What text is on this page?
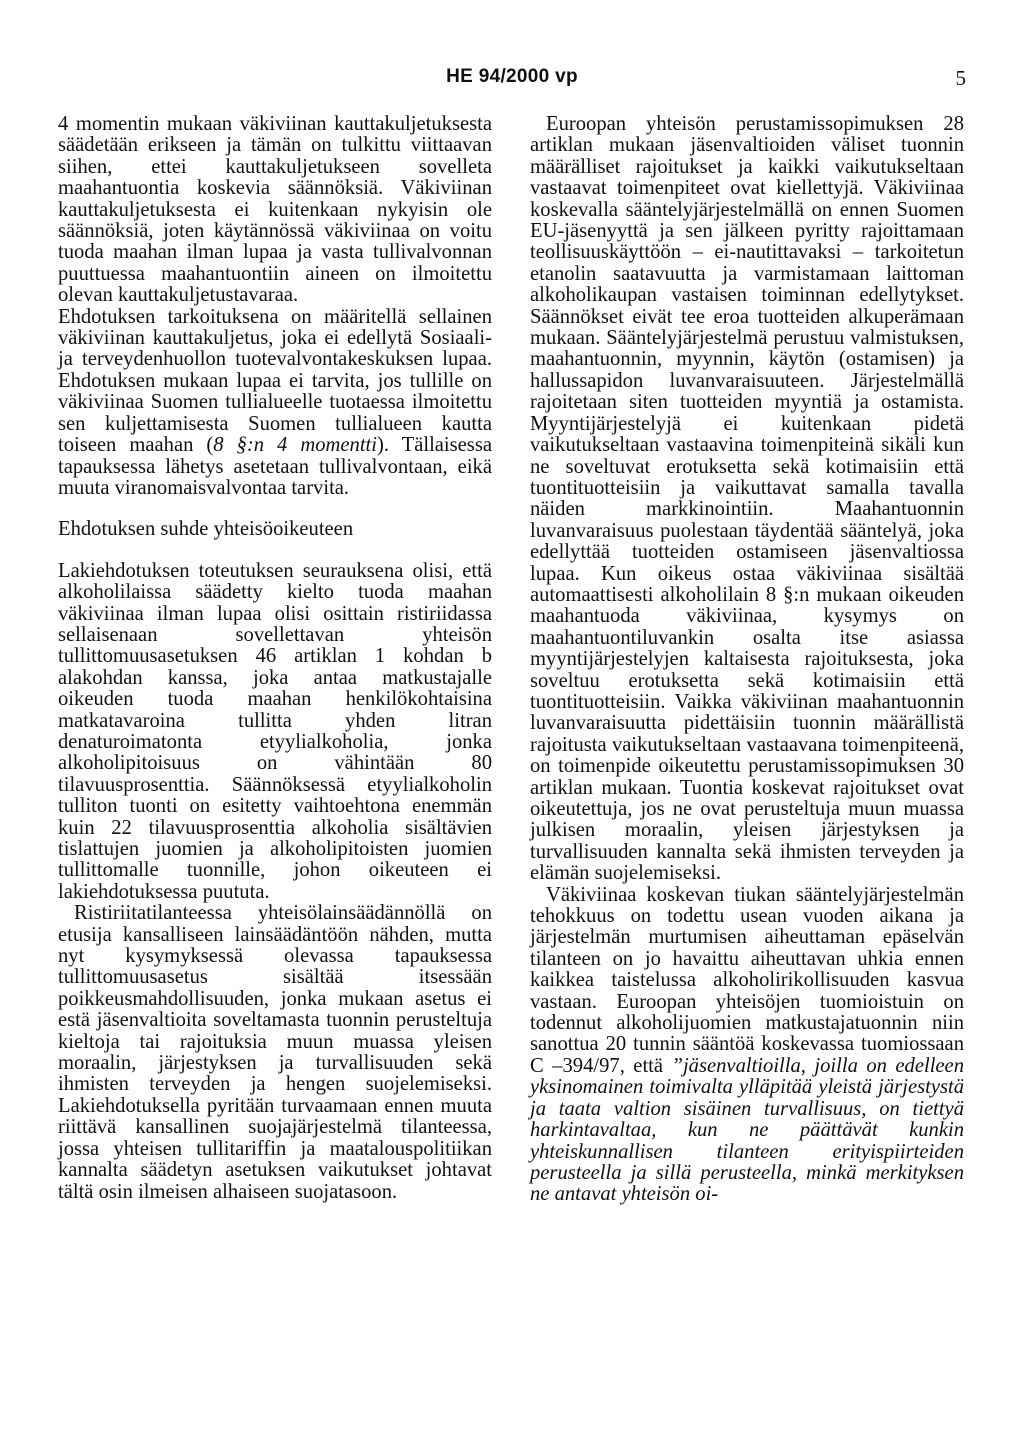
HE 94/2000 vp	5

4 momentin mukaan väkiviinan kauttakuljetuksesta säädetään erikseen ja tämän on tulkittu viittaavan siihen, ettei kauttakuljetukseen sovelleta maahantuontia koskevia säännöksiä. Väkiviinan kauttakuljetuksesta ei kuitenkaan nykyisin ole säännöksiä, joten käytännössä väkiviinaa on voitu tuoda maahan ilman lupaa ja vasta tullivalvonnan puuttuessa maahantuontiin aineen on ilmoitettu olevan kauttakuljetustavaraa.

Ehdotuksen tarkoituksena on määritellä sellainen väkiviinan kauttakuljetus, joka ei edellytä Sosiaali- ja terveydenhuollon tuotevalvontakeskuksen lupaa. Ehdotuksen mukaan lupaa ei tarvita, jos tullille on väkiviinaa Suomen tullialueelle tuotaessa ilmoitettu sen kuljettamisesta Suomen tullialueen kautta toiseen maahan (8 §:n 4 momentti). Tällaisessa tapauksessa lähetys asetetaan tullivalvontaan, eikä muuta viranomaisvalvontaa tarvita.

Ehdotuksen suhde yhteisöoikeuteen

Lakiehdotuksen toteutuksen seurauksena olisi, että alkoholilaissa säädetty kielto tuoda maahan väkiviinaa ilman lupaa olisi osittain ristiriidassa sellaisenaan sovellettavan yhteisön tullittomuusasetuksen 46 artiklan 1 kohdan b alakohdan kanssa, joka antaa matkustajalle oikeuden tuoda maahan henkilökohtaisina matkatavaroina tullitta yhden litran denaturoimatonta etyylialkoholia, jonka alkoholipitoisuus on vähintään 80 tilavuusprosenttia. Säännöksessä etyylialkoholin tulliton tuonti on esitetty vaihtoehtona enemmän kuin 22 tilavuusprosenttia alkoholia sisältävien tislattujen juomien ja alkoholipitoisten juomien tullittomalle tuonnille, johon oikeuteen ei lakiehdotuksessa puututa.

Ristiriitatilanteessa yhteisölainsäädännöllä on etusija kansalliseen lainsäädäntöön nähden, mutta nyt kysymyksessä olevassa tapauksessa tullittomuusasetus sisältää itsessään poikkeusmahdollisuuden, jonka mukaan asetus ei estä jäsenvaltioita soveltamasta tuonnin perusteltuja kieltoja tai rajoituksia muun muassa yleisen moraalin, järjestyksen ja turvallisuuden sekä ihmisten terveyden ja hengen suojelemiseksi. Lakiehdotuksella pyritään turvaamaan ennen muuta riittävä kansallinen suojajärjestelmä tilanteessa, jossa yhteisen tullitariffin ja maatalouspolitiikan kannalta säädetyn asetuksen vaikutukset johtavat tältä osin ilmeisen alhaiseen suojatasoon.

Euroopan yhteisön perustamissopimuksen 28 artiklan mukaan jäsenvaltioiden väliset tuonnin määrälliset rajoitukset ja kaikki vaikutukseltaan vastaavat toimenpiteet ovat kiellettyjä. Väkiviinaa koskevalla sääntelyjärjestelmällä on ennen Suomen EU-jäsenyyttä ja sen jälkeen pyritty rajoittamaan teollisuuskäyttöön – ei-nautittavaksi – tarkoitetun etanolin saatavuutta ja varmistamaan laittoman alkoholikaupan vastaisen toiminnan edellytykset. Säännökset eivät tee eroa tuotteiden alkuperämaan mukaan. Sääntelyjärjestelmä perustuu valmistuksen, maahantuonnin, myynnin, käytön (ostamisen) ja hallussapidon luvanvaraisuuteen. Järjestelmällä rajoitetaan siten tuotteiden myyntiä ja ostamista. Myyntijärjestelyjä ei kuitenkaan pidetä vaikutukseltaan vastaavina toimenpiteinä sikäli kun ne soveltuvat erotuksetta sekä kotimaisiin että tuontituotteisiin ja vaikuttavat samalla tavalla näiden markkinointiin. Maahantuonnin luvanvaraisuus puolestaan täydentää sääntelyä, joka edellyttää tuotteiden ostamiseen jäsenvaltiossa lupaa. Kun oikeus ostaa väkiviinaa sisältää automaattisesti alkoholilain 8 §:n mukaan oikeuden maahantuoda väkiviinaa, kysymys on maahantuontiluvankin osalta itse asiassa myyntijärjestelyjen kaltaisesta rajoituksesta, joka soveltuu erotuksetta sekä kotimaisiin että tuontituotteisiin. Vaikka väkiviinan maahantuonnin luvanvaraisuutta pidettäisiin tuonnin määrällistä rajoitusta vaikutukseltaan vastaavana toimenpiteenä, on toimenpide oikeutettu perustamissopimuksen 30 artiklan mukaan. Tuontia koskevat rajoitukset ovat oikeutettuja, jos ne ovat perusteltuja muun muassa julkisen moraalin, yleisen järjestyksen ja turvallisuuden kannalta sekä ihmisten terveyden ja elämän suojelemiseksi.

Väkiviinaa koskevan tiukan sääntelyjärjestelmän tehokkuus on todettu usean vuoden aikana ja järjestelmän murtumisen aiheuttaman epäselvän tilanteen on jo havaittu aiheuttavan uhkia ennen kaikkea taistelussa alkoholirikollisuuden kasvua vastaan. Euroopan yhteisöjen tuomioistuin on todennut alkoholijuomien matkustajatuonnin niin sanottua 20 tunnin sääntöä koskevassa tuomiossaan C –394/97, että ”jäsenvaltioilla, joilla on edelleen yksinomainen toimivalta ylläpitää yleistä järjestystä ja taata valtion sisäinen turvallisuus, on tiettyä harkintavaltaa, kun ne päättävät kunkin yhteiskunnallisen tilanteen erityispiirteiden perusteella ja sillä perusteella, minkä merkityksen ne antavat yhteisön oi-
